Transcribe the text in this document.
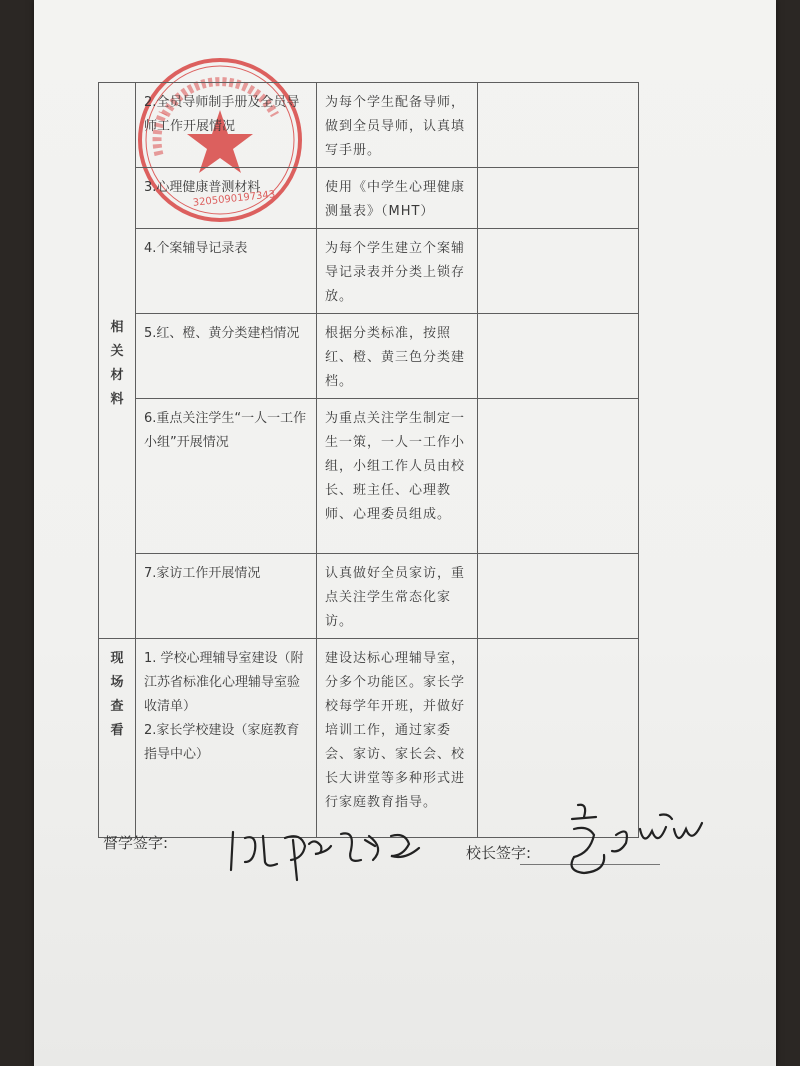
3205090197343
相
关
材
料	2.全员导师制手册及全员导师工作开展情况	为每个学生配备导师，做到全员导师，认真填写手册。	
	3.心理健康普测材料	使用《中学生心理健康测量表》（MHT）	
	4.个案辅导记录表	为每个学生建立个案辅导记录表并分类上锁存放。	
	5.红、橙、黄分类建档情况	根据分类标准，按照红、橙、黄三色分类建档。	
	6.重点关注学生“一人一工作小组”开展情况	为重点关注学生制定一生一策，一人一工作小组，小组工作人员由校长、班主任、心理教师、心理委员组成。	
	7.家访工作开展情况	认真做好全员家访，重点关注学生常态化家访。	

现
场
查
看	1. 学校心理辅导室建设（附江苏省标准化心理辅导室验收清单）
2.家长学校建设（家庭教育指导中心）	建设达标心理辅导室，分多个功能区。家长学校每学年开班，并做好培训工作，通过家委会、家访、家长会、校长大讲堂等多种形式进行家庭教育指导。	
督学签字:
校长签字:
